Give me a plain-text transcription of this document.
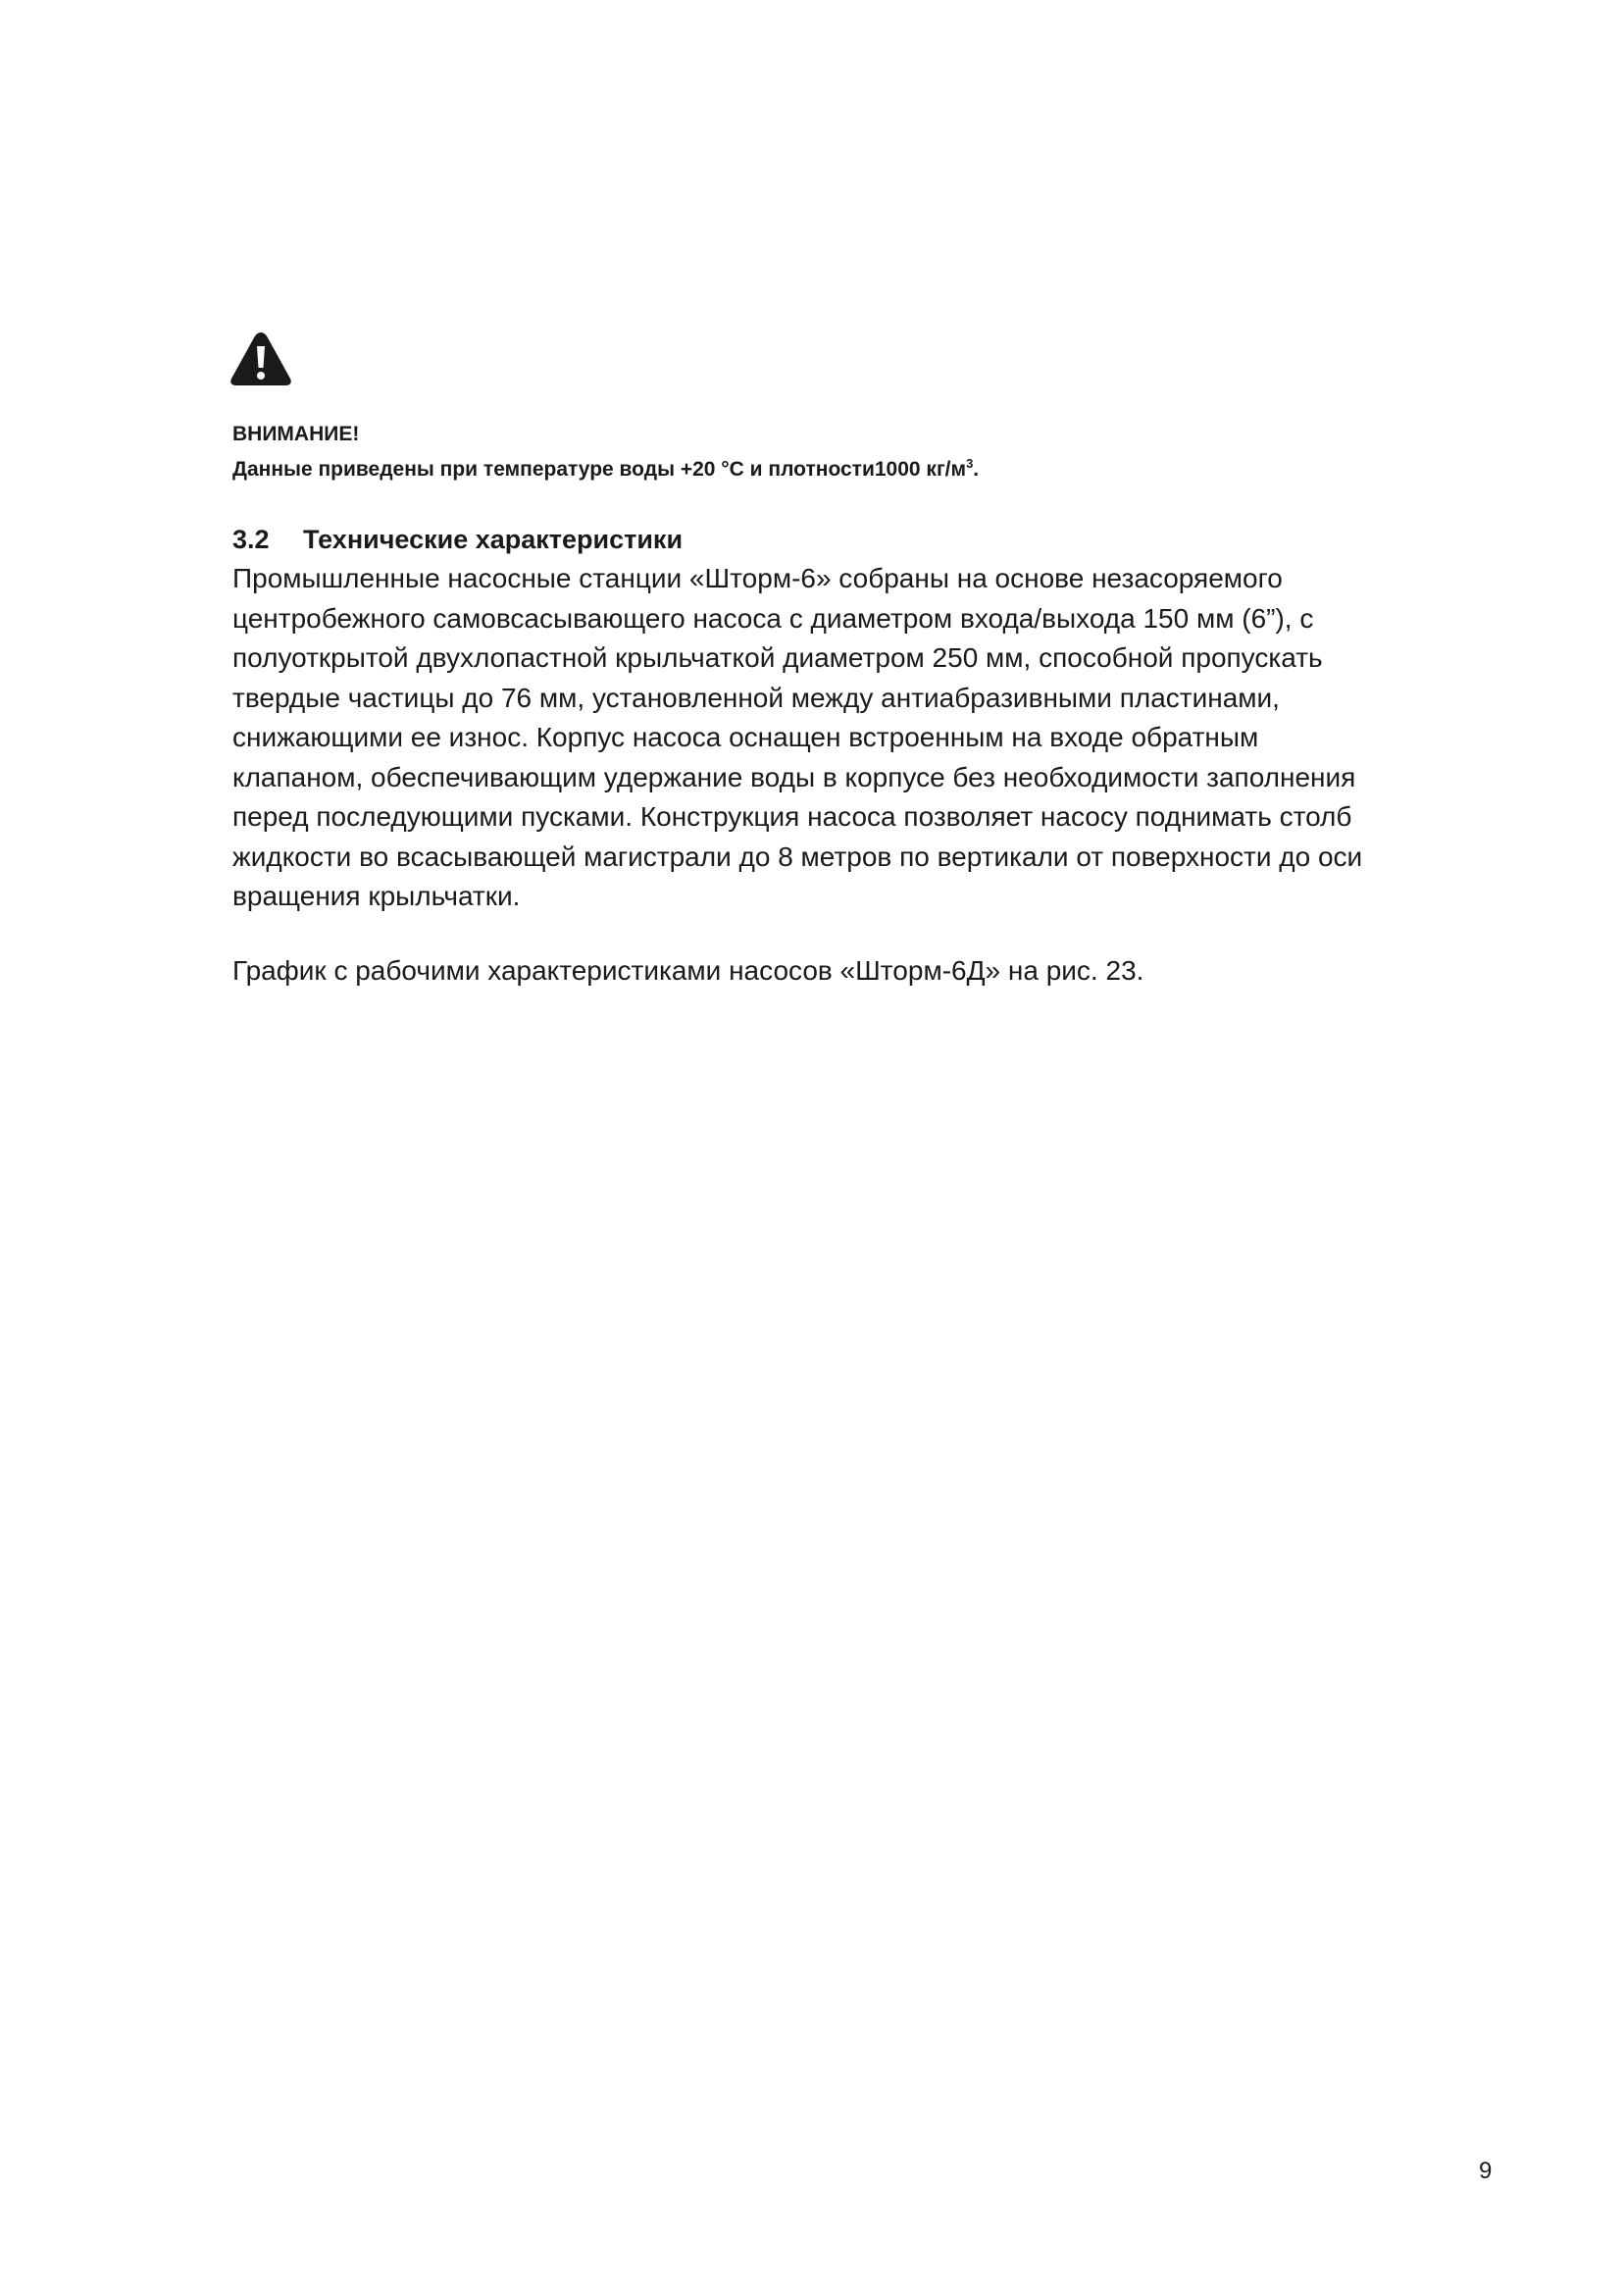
ВНИМАНИЕ!

Данные приведены при температуре воды +20 °С и плотности1000 $кг/м^3$.

3.2 Технические характеристики

Промышленные насосные станции «Шторм-6» собраны на основе незасоряемого
центробежного самовсасывающего насоса с диаметром входа/выхода 150 мм (6”), с
полуоткрытой двухлопастной крыльчаткой диаметром 250 мм, способной пропускать
твердые частицы до 76 мм, установленной между антиабразивными пластинами,
снижающими ее износ. Корпус насоса оснащен встроенным на входе обратным
клапаном, обеспечивающим удержание воды в корпусе без необходимости заполнения
перед последующими пусками. Конструкция насоса позволяет насосу поднимать столб
жидкости во всасывающей магистрали до 8 метров по вертикали от поверхности до оси
вращения крыльчатки.

График с рабочими характеристиками насосов «Шторм-6Д» на рис. 23.

9
